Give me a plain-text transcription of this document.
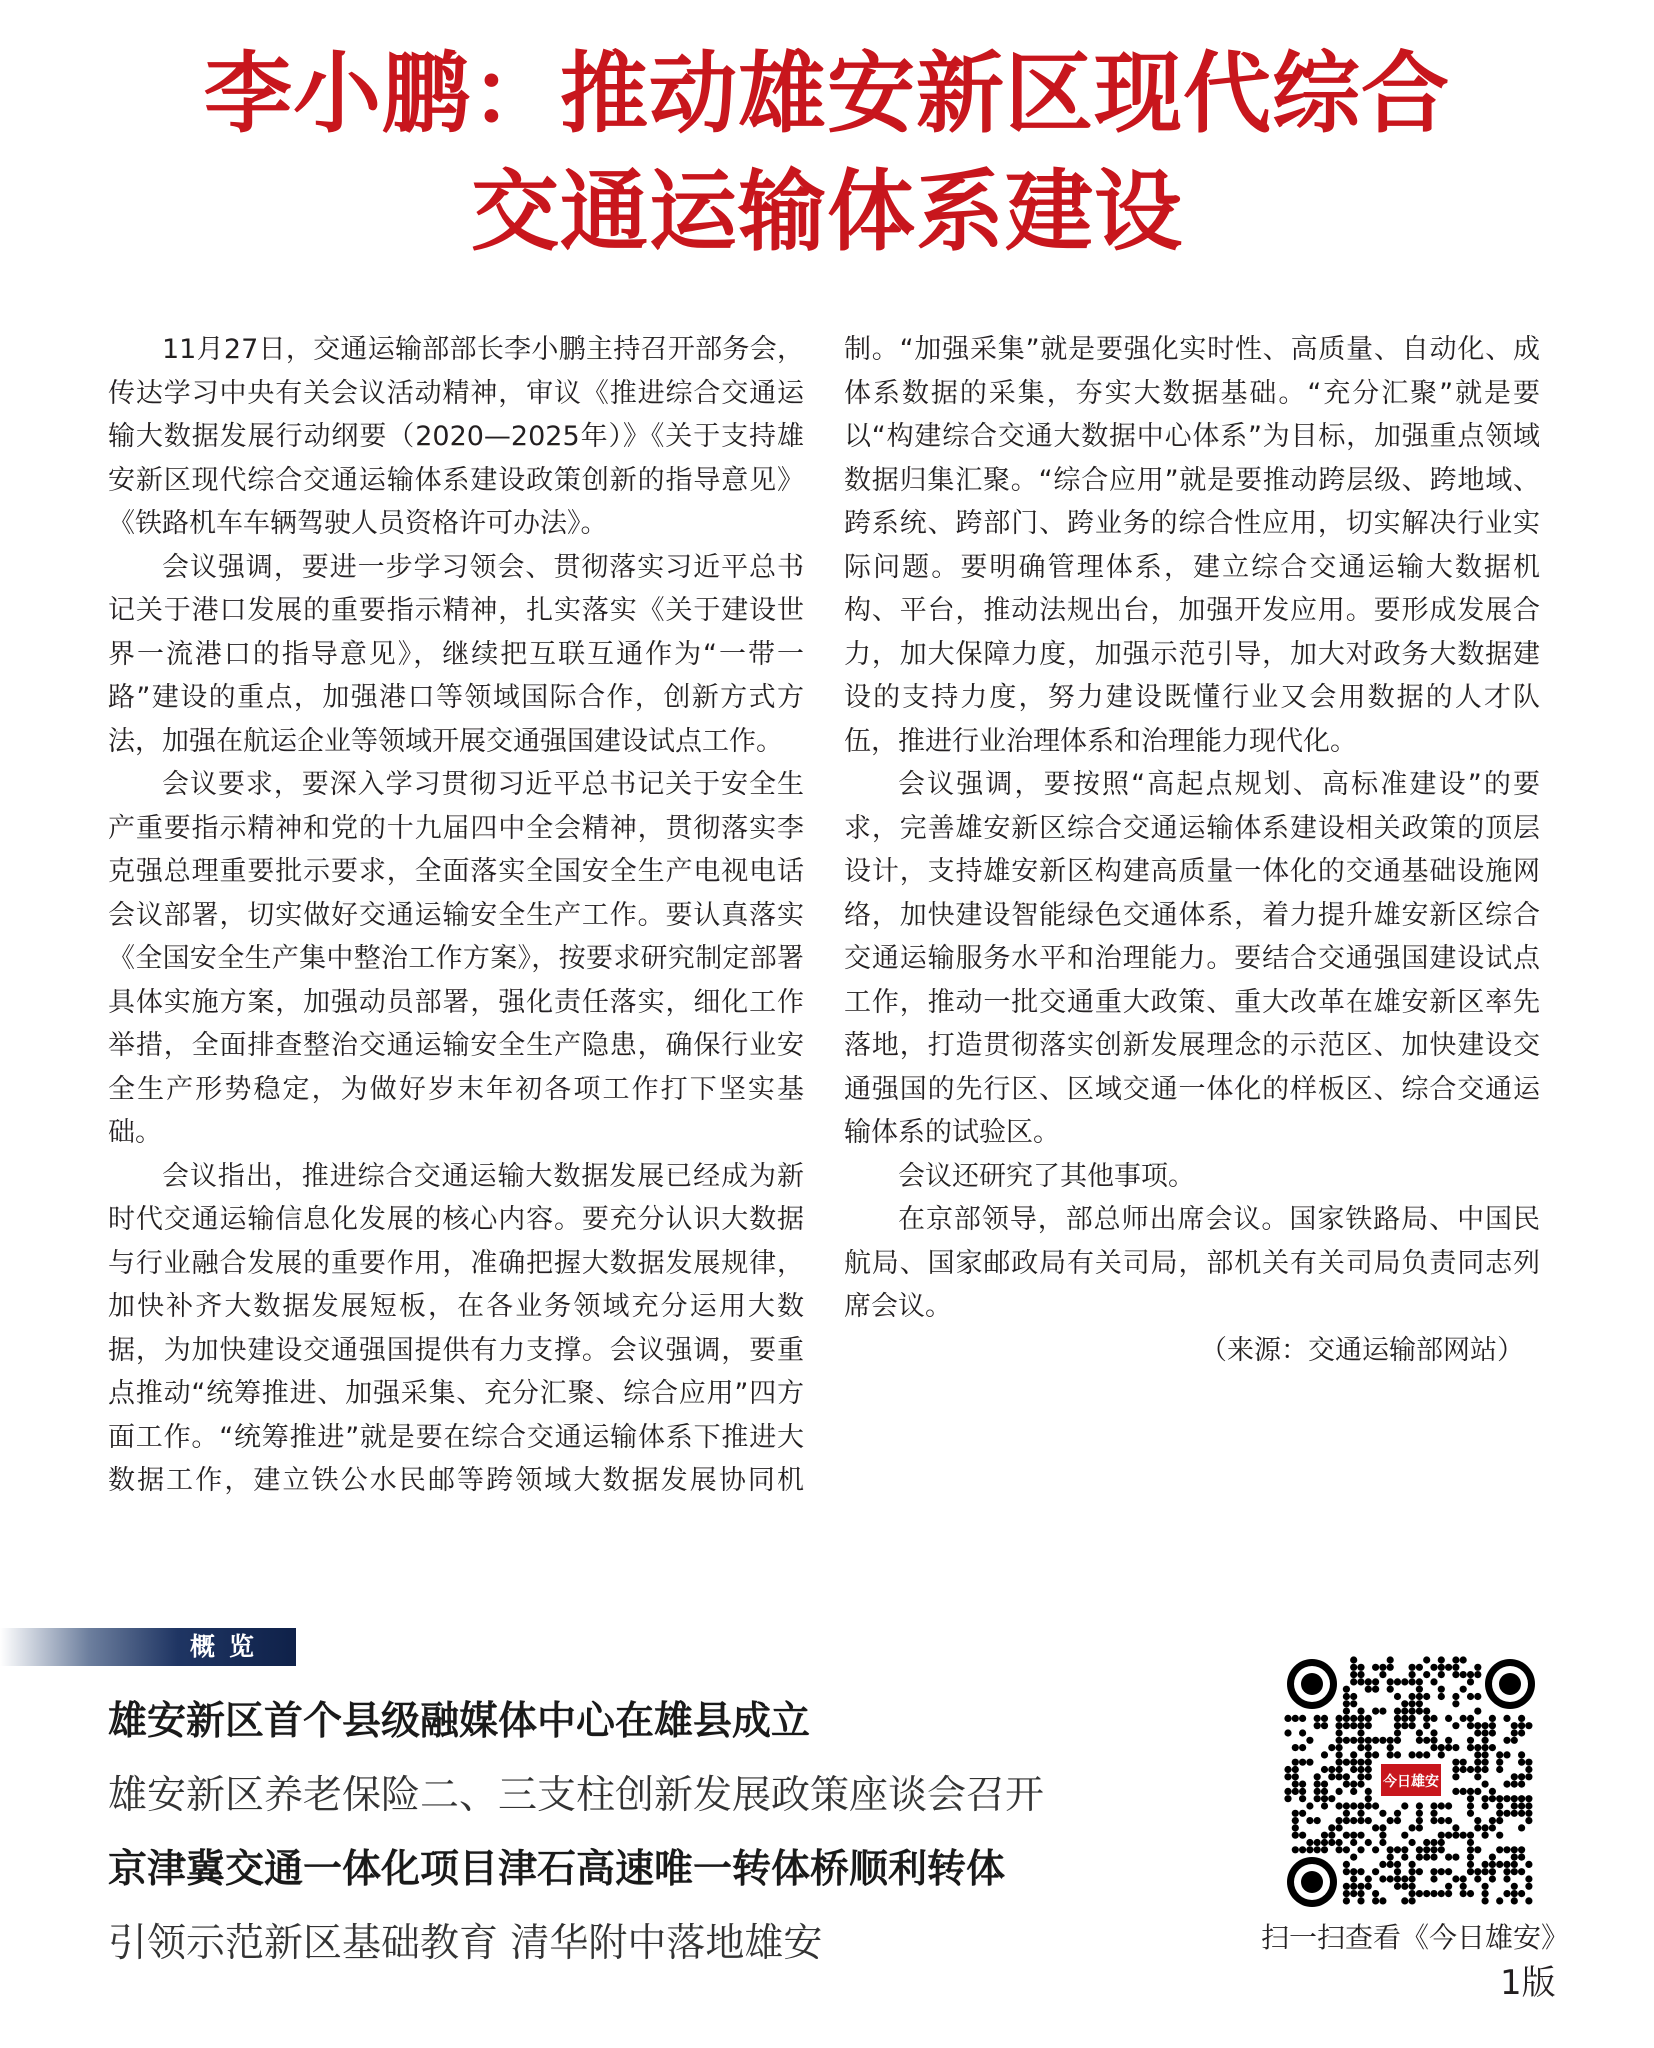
李小鹏：推动雄安新区现代综合
交通运输体系建设

11月27日，交通运输部部长李小鹏主持召开部务会，传达学习中央有关会议活动精神，审议《推进综合交通运输大数据发展行动纲要（2020—2025年）》《关于支持雄安新区现代综合交通运输体系建设政策创新的指导意见》《铁路机车车辆驾驶人员资格许可办法》。

会议强调，要进一步学习领会、贯彻落实习近平总书记关于港口发展的重要指示精神，扎实落实《关于建设世界一流港口的指导意见》，继续把互联互通作为“一带一路”建设的重点，加强港口等领域国际合作，创新方式方法，加强在航运企业等领域开展交通强国建设试点工作。

会议要求，要深入学习贯彻习近平总书记关于安全生产重要指示精神和党的十九届四中全会精神，贯彻落实李克强总理重要批示要求，全面落实全国安全生产电视电话会议部署，切实做好交通运输安全生产工作。要认真落实《全国安全生产集中整治工作方案》，按要求研究制定部署具体实施方案，加强动员部署，强化责任落实，细化工作举措，全面排查整治交通运输安全生产隐患，确保行业安全生产形势稳定，为做好岁末年初各项工作打下坚实基础。

会议指出，推进综合交通运输大数据发展已经成为新时代交通运输信息化发展的核心内容。要充分认识大数据与行业融合发展的重要作用，准确把握大数据发展规律，加快补齐大数据发展短板，在各业务领域充分运用大数据，为加快建设交通强国提供有力支撑。会议强调，要重点推动“统筹推进、加强采集、充分汇聚、综合应用”四方面工作。“统筹推进”就是要在综合交通运输体系下推进大数据工作，建立铁公水民邮等跨领域大数据发展协同机制。“加强采集”就是要强化实时性、高质量、自动化、成体系数据的采集，夯实大数据基础。“充分汇聚”就是要以“构建综合交通大数据中心体系”为目标，加强重点领域数据归集汇聚。“综合应用”就是要推动跨层级、跨地域、跨系统、跨部门、跨业务的综合性应用，切实解决行业实际问题。要明确管理体系，建立综合交通运输大数据机构、平台，推动法规出台，加强开发应用。要形成发展合力，加大保障力度，加强示范引导，加大对政务大数据建设的支持力度，努力建设既懂行业又会用数据的人才队伍，推进行业治理体系和治理能力现代化。

会议强调，要按照“高起点规划、高标准建设”的要求，完善雄安新区综合交通运输体系建设相关政策的顶层设计，支持雄安新区构建高质量一体化的交通基础设施网络，加快建设智能绿色交通体系，着力提升雄安新区综合交通运输服务水平和治理能力。要结合交通强国建设试点工作，推动一批交通重大政策、重大改革在雄安新区率先落地，打造贯彻落实创新发展理念的示范区、加快建设交通强国的先行区、区域交通一体化的样板区、综合交通运输体系的试验区。

会议还研究了其他事项。

在京部领导，部总师出席会议。国家铁路局、中国民航局、国家邮政局有关司局，部机关有关司局负责同志列席会议。

（来源：交通运输部网站）

概览
雄安新区首个县级融媒体中心在雄县成立
雄安新区养老保险二、三支柱创新发展政策座谈会召开
京津冀交通一体化项目津石高速唯一转体桥顺利转体
引领示范新区基础教育 清华附中落地雄安
今日雄安
扫一扫查看《今日雄安》
1版
